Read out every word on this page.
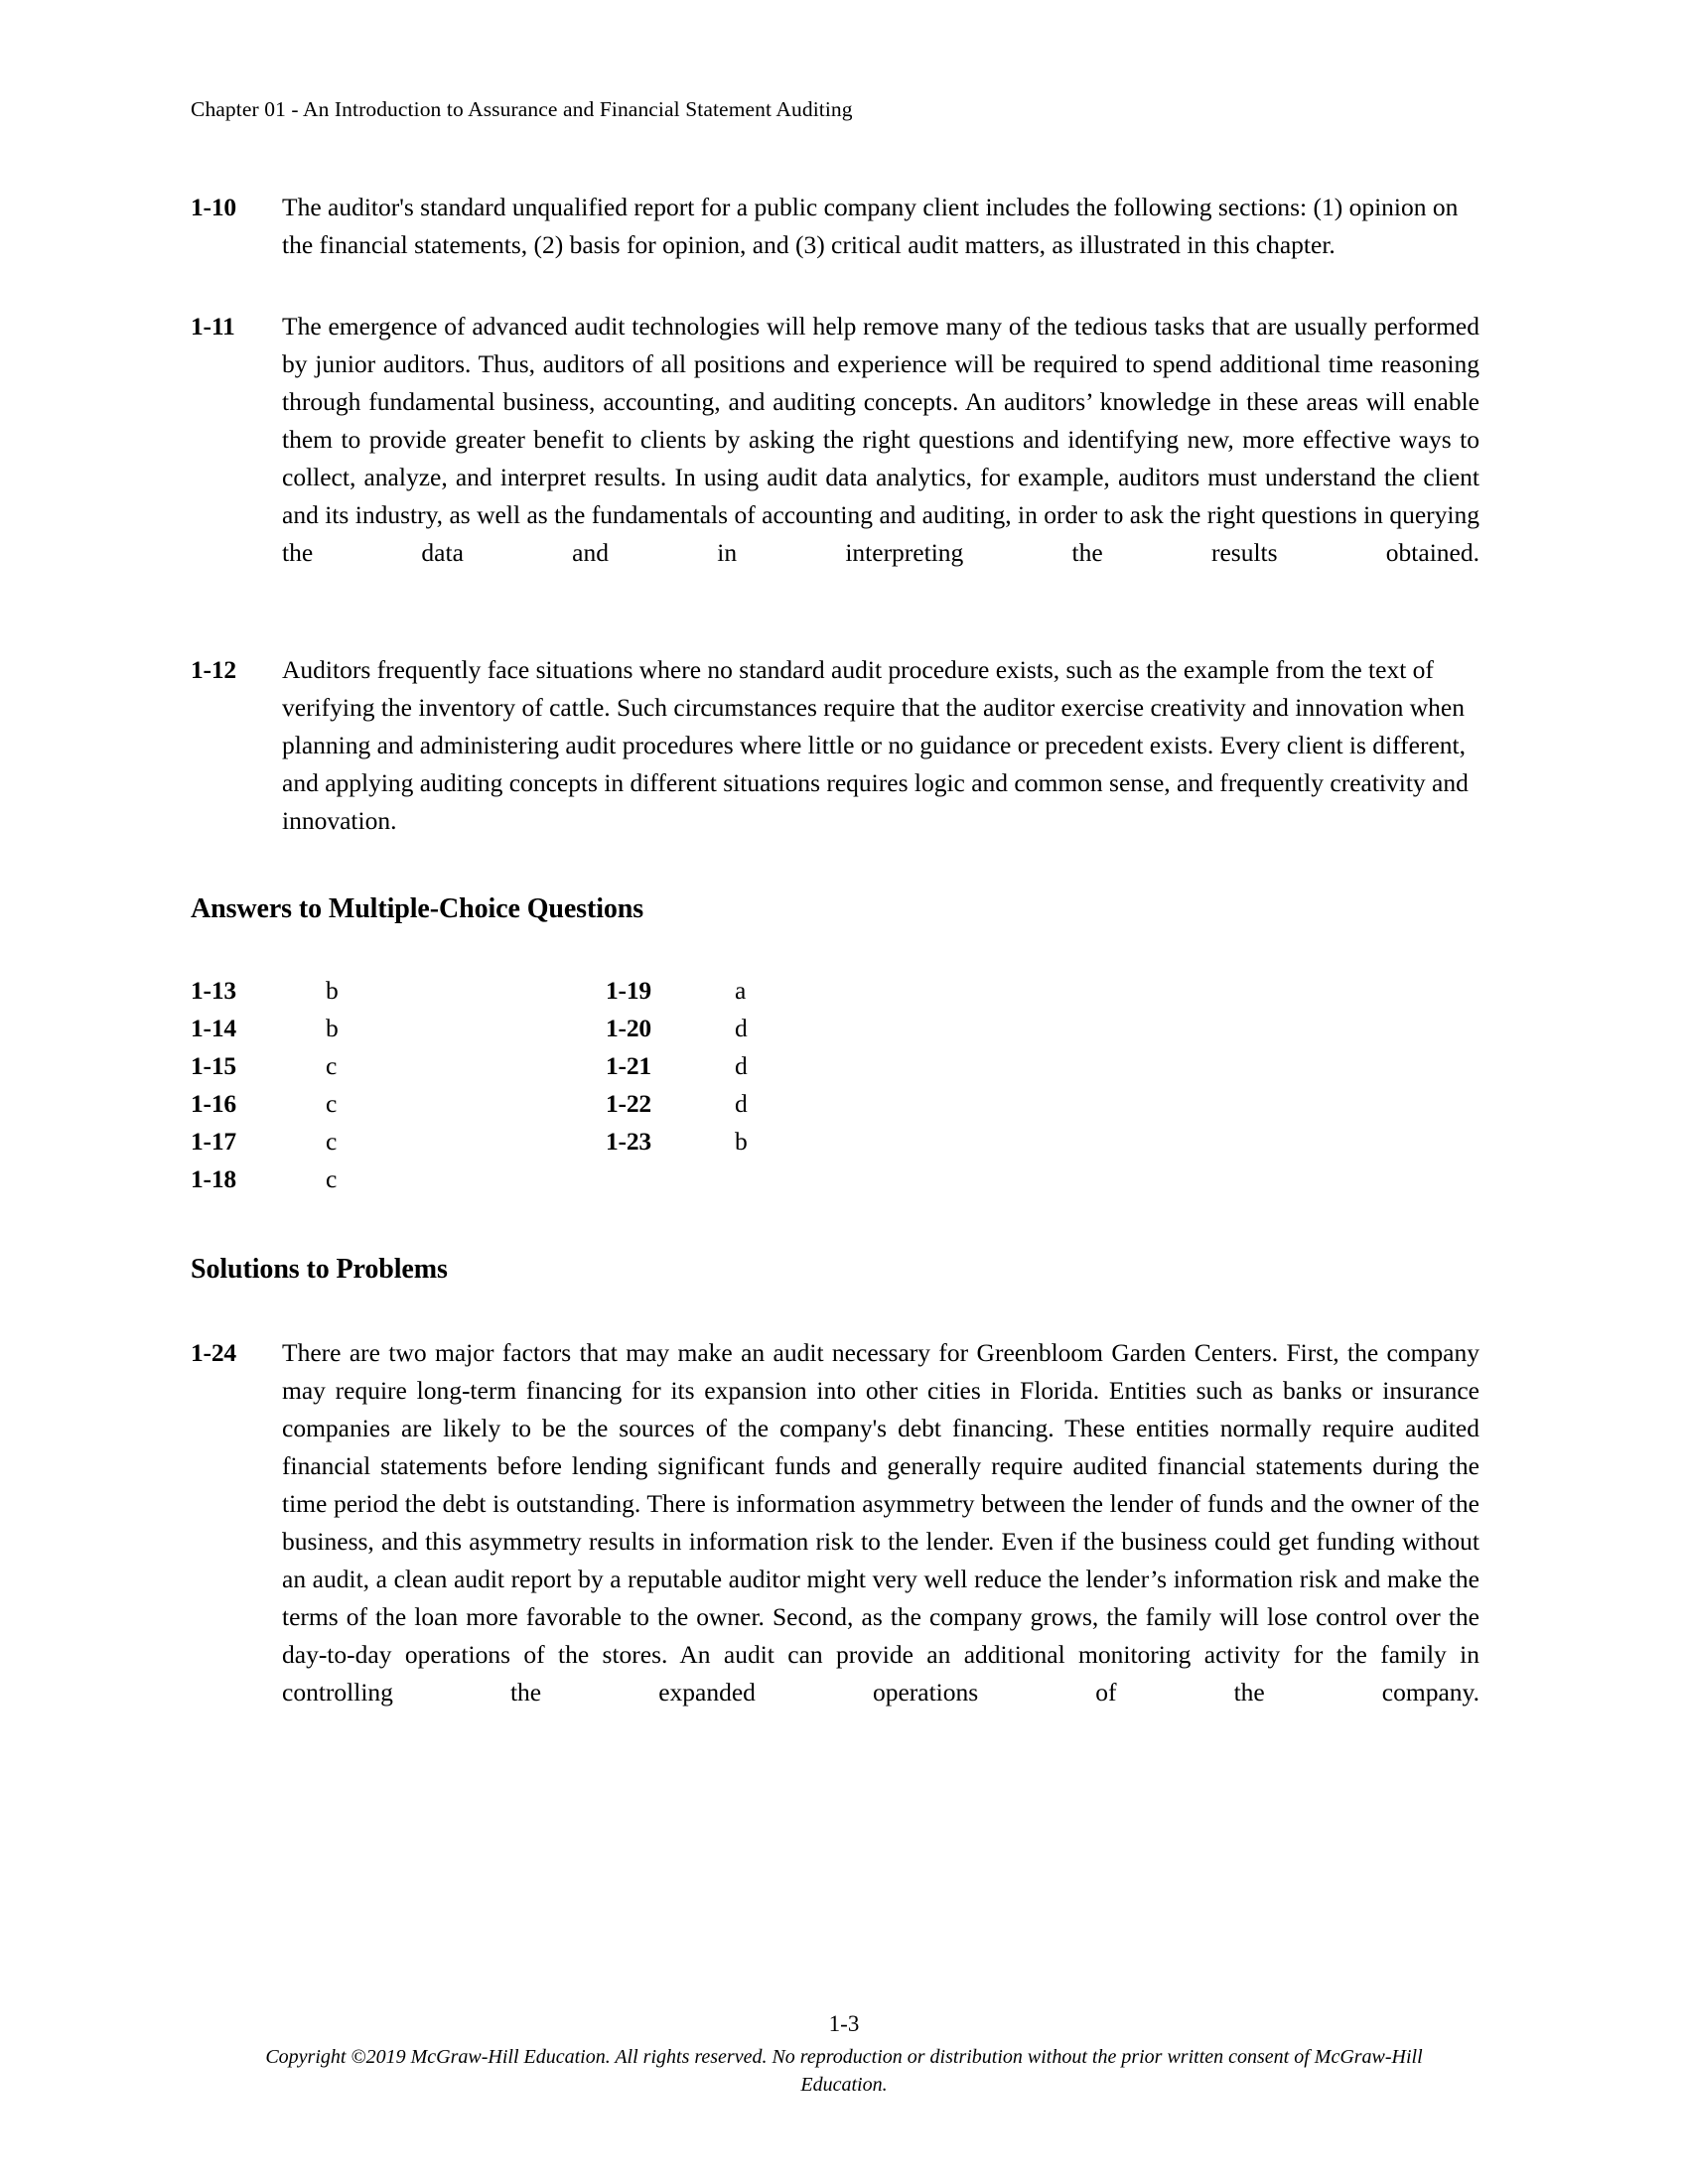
Chapter 01 - An Introduction to Assurance and Financial Statement Auditing
1-10 The auditor's standard unqualified report for a public company client includes the following sections: (1) opinion on the financial statements, (2) basis for opinion, and (3) critical audit matters, as illustrated in this chapter.
1-11 The emergence of advanced audit technologies will help remove many of the tedious tasks that are usually performed by junior auditors. Thus, auditors of all positions and experience will be required to spend additional time reasoning through fundamental business, accounting, and auditing concepts. An auditors’ knowledge in these areas will enable them to provide greater benefit to clients by asking the right questions and identifying new, more effective ways to collect, analyze, and interpret results. In using audit data analytics, for example, auditors must understand the client and its industry, as well as the fundamentals of accounting and auditing, in order to ask the right questions in querying the data and in interpreting the results obtained.
1-12 Auditors frequently face situations where no standard audit procedure exists, such as the example from the text of verifying the inventory of cattle. Such circumstances require that the auditor exercise creativity and innovation when planning and administering audit procedures where little or no guidance or precedent exists. Every client is different, and applying auditing concepts in different situations requires logic and common sense, and frequently creativity and innovation.
Answers to Multiple-Choice Questions
1-13	b	1-19	a
1-14	b	1-20	d
1-15	c	1-21	d
1-16	c	1-22	d
1-17	c	1-23	b
1-18	c
Solutions to Problems
1-24 There are two major factors that may make an audit necessary for Greenbloom Garden Centers. First, the company may require long-term financing for its expansion into other cities in Florida. Entities such as banks or insurance companies are likely to be the sources of the company's debt financing. These entities normally require audited financial statements before lending significant funds and generally require audited financial statements during the time period the debt is outstanding. There is information asymmetry between the lender of funds and the owner of the business, and this asymmetry results in information risk to the lender. Even if the business could get funding without an audit, a clean audit report by a reputable auditor might very well reduce the lender’s information risk and make the terms of the loan more favorable to the owner. Second, as the company grows, the family will lose control over the day-to-day operations of the stores. An audit can provide an additional monitoring activity for the family in controlling the expanded operations of the company.
1-3
Copyright ©2019 McGraw-Hill Education. All rights reserved. No reproduction or distribution without the prior written consent of McGraw-Hill Education.
